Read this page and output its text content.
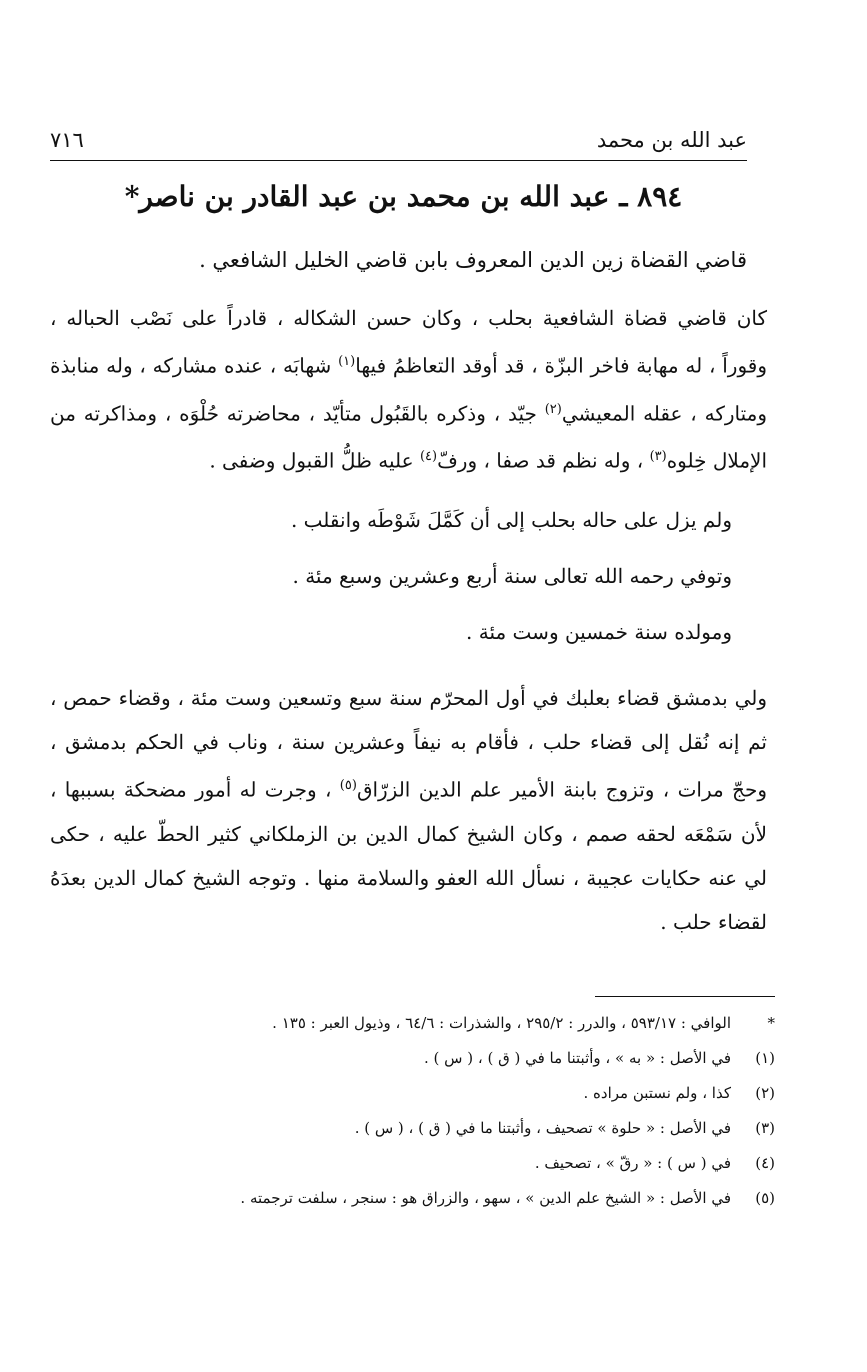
عبد الله بن محمد
٧١٦
٨٩٤ ـ عبد الله بن محمد بن عبد القادر بن ناصر*

قاضي القضاة زين الدين المعروف بابن قاضي الخليل الشافعي .

كان قاضي قضاة الشافعية بحلب ، وكان حسن الشكاله ، قادراً على نَصْب الحباله ، وقوراً ، له مهابة فاخر البزّة ، قد أوقد التعاظمُ فيها$^{(١)}$ شهابَه ، عنده مشاركه ، وله منابذة ومتاركه ، عقله المعيشي$^{(٢)}$ جيّد ، وذكره بالقَبُول متأيّد ، محاضرته حُلْوَه ، ومذاكرته من الإملال خِلوه$^{(٣)}$ ، وله نظم قد صفا ، ورفّ$^{(٤)}$ عليه ظلُّ القبول وضفى .

ولم يزل على حاله بحلب إلى أن كَمَّلَ شَوْطَه وانقلب .

وتوفي رحمه الله تعالى سنة أربع وعشرين وسبع مئة .

ومولده سنة خمسين وست مئة .

ولي بدمشق قضاء بعلبك في أول المحرّم سنة سبع وتسعين وست مئة ، وقضاء حمص ، ثم إنه نُقل إلى قضاء حلب ، فأقام به نيفاً وعشرين سنة ، وناب في الحكم بدمشق ، وحجّ مرات ، وتزوج بابنة الأمير علم الدين الزرّاق$^{(٥)}$ ، وجرت له أمور مضحكة بسببها ، لأن سَمْعَه لحقه صمم ، وكان الشيخ كمال الدين بن الزملكاني كثير الحطّ عليه ، حكى لي عنه حكايات عجيبة ، نسأل الله العفو والسلامة منها . وتوجه الشيخ كمال الدين بعدَهُ لقضاء حلب .

*
الوافي : ٥٩٣/١٧ ، والدرر : ٢٩٥/٢ ، والشذرات : ٦٤/٦ ، وذيول العبر : ١٣٥ .
(١)
في الأصل : « به » ، وأثبتنا ما في ( ق ) ، ( س ) .
(٢)
كذا ، ولم نستبن مراده .
(٣)
في الأصل : « حلوة » تصحيف ، وأثبتنا ما في ( ق ) ، ( س ) .
(٤)
في ( س ) : « رقّ » ، تصحيف .
(٥)
في الأصل : « الشيخ علم الدين » ، سهو ، والزراق هو : سنجر ، سلفت ترجمته .
